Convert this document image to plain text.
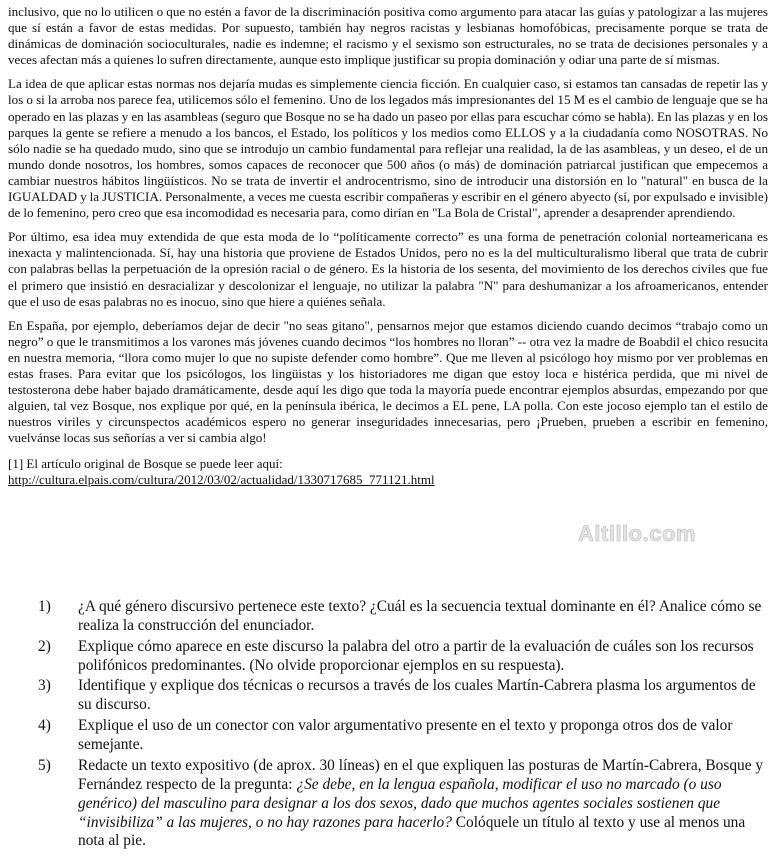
inclusivo, que no lo utilicen o que no estén a favor de la discriminación positiva como argumento para atacar las guías y patologizar a las mujeres que sí están a favor de estas medidas. Por supuesto, también hay negros racistas y lesbianas homofóbicas, precisamente porque se trata de dinámicas de dominación socioculturales, nadie es indemne; el racismo y el sexismo son estructurales, no se trata de decisiones personales y a veces afectan más a quienes lo sufren directamente, aunque esto implique justificar su propia dominación y odiar una parte de sí mismas.

La idea de que aplicar estas normas nos dejaría mudas es simplemente ciencia ficción. En cualquier caso, si estamos tan cansadas de repetir las y los o si la arroba nos parece fea, utilicemos sólo el femenino. Uno de los legados más impresionantes del 15 M es el cambio de lenguaje que se ha operado en las plazas y en las asambleas (seguro que Bosque no se ha dado un paseo por ellas para escuchar cómo se habla). En las plazas y en los parques la gente se refiere a menudo a los bancos, el Estado, los políticos y los medios como ELLOS y a la ciudadanía como NOSOTRAS. No sólo nadie se ha quedado mudo, sino que se introdujo un cambio fundamental para reflejar una realidad, la de las asambleas, y un deseo, el de un mundo donde nosotros, los hombres, somos capaces de reconocer que 500 años (o más) de dominación patriarcal justifican que empecemos a cambiar nuestros hábitos lingüísticos. No se trata de invertir el androcentrismo, sino de introducir una distorsión en lo "natural" en busca de la IGUALDAD y la JUSTICIA. Personalmente, a veces me cuesta escribir compañeras y escribir en el género abyecto (sí, por expulsado e invisible) de lo femenino, pero creo que esa incomodidad es necesaria para, como dirían en "La Bola de Cristal", aprender a desaprender aprendiendo.

Por último, esa idea muy extendida de que esta moda de lo “políticamente correcto” es una forma de penetración colonial norteamericana es inexacta y malintencionada. Sí, hay una historia que proviene de Estados Unidos, pero no es la del multiculturalismo liberal que trata de cubrir con palabras bellas la perpetuación de la opresión racial o de género. Es la historia de los sesenta, del movimiento de los derechos civiles que fue el primero que insistió en desracializar y descolonizar el lenguaje, no utilizar la palabra "N" para deshumanizar a los afroamericanos, entender que el uso de esas palabras no es inocuo, sino que hiere a quiénes señala.

En España, por ejemplo, deberíamos dejar de decir "no seas gitano", pensarnos mejor que estamos diciendo cuando decimos “trabajo como un negro” o que le transmitimos a los varones más jóvenes cuando decimos “los hombres no lloran” -- otra vez la madre de Boabdil el chico resucita en nuestra memoria, “llora como mujer lo que no supiste defender como hombre”. Que me lleven al psicólogo hoy mismo por ver problemas en estas frases. Para evitar que los psicólogos, los lingüistas y los historiadores me digan que estoy loca e histérica perdida, que mi nivel de testosterona debe haber bajado dramáticamente, desde aquí les digo que toda la mayoría puede encontrar ejemplos absurdas, empezando por que alguien, tal vez Bosque, nos explique por qué, en la península ibérica, le decimos a EL pene, LA polla. Con este jocoso ejemplo tan el estilo de nuestros viriles y circunspectos académicos espero no generar inseguridades innecesarias, pero ¡Prueben, prueben a escribir en femenino, vuelvánse locas sus señorías a ver si cambia algo!

[1] El artículo original de Bosque se puede leer aquí:
http://cultura.elpais.com/cultura/2012/03/02/actualidad/1330717685_771121.html
Altillo.com
1)	¿A qué género discursivo pertenece este texto? ¿Cuál es la secuencia textual dominante en él? Analice cómo se realiza la construcción del enunciador.
2)	Explique cómo aparece en este discurso la palabra del otro a partir de la evaluación de cuáles son los recursos polifónicos predominantes. (No olvide proporcionar ejemplos en su respuesta).
3)	Identifique y explique dos técnicas o recursos a través de los cuales Martín-Cabrera plasma los argumentos de su discurso.
4)	Explique el uso de un conector con valor argumentativo presente en el texto y proponga otros dos de valor semejante.
5)	Redacte un texto expositivo (de aprox. 30 líneas) en el que expliquen las posturas de Martín-Cabrera, Bosque y Fernández respecto de la pregunta: ¿Se debe, en la lengua española, modificar el uso no marcado (o uso genérico) del masculino para designar a los dos sexos, dado que muchos agentes sociales sostienen que “invisibiliza” a las mujeres, o no hay razones para hacerlo? Colóquele un título al texto y use al menos una nota al pie.
